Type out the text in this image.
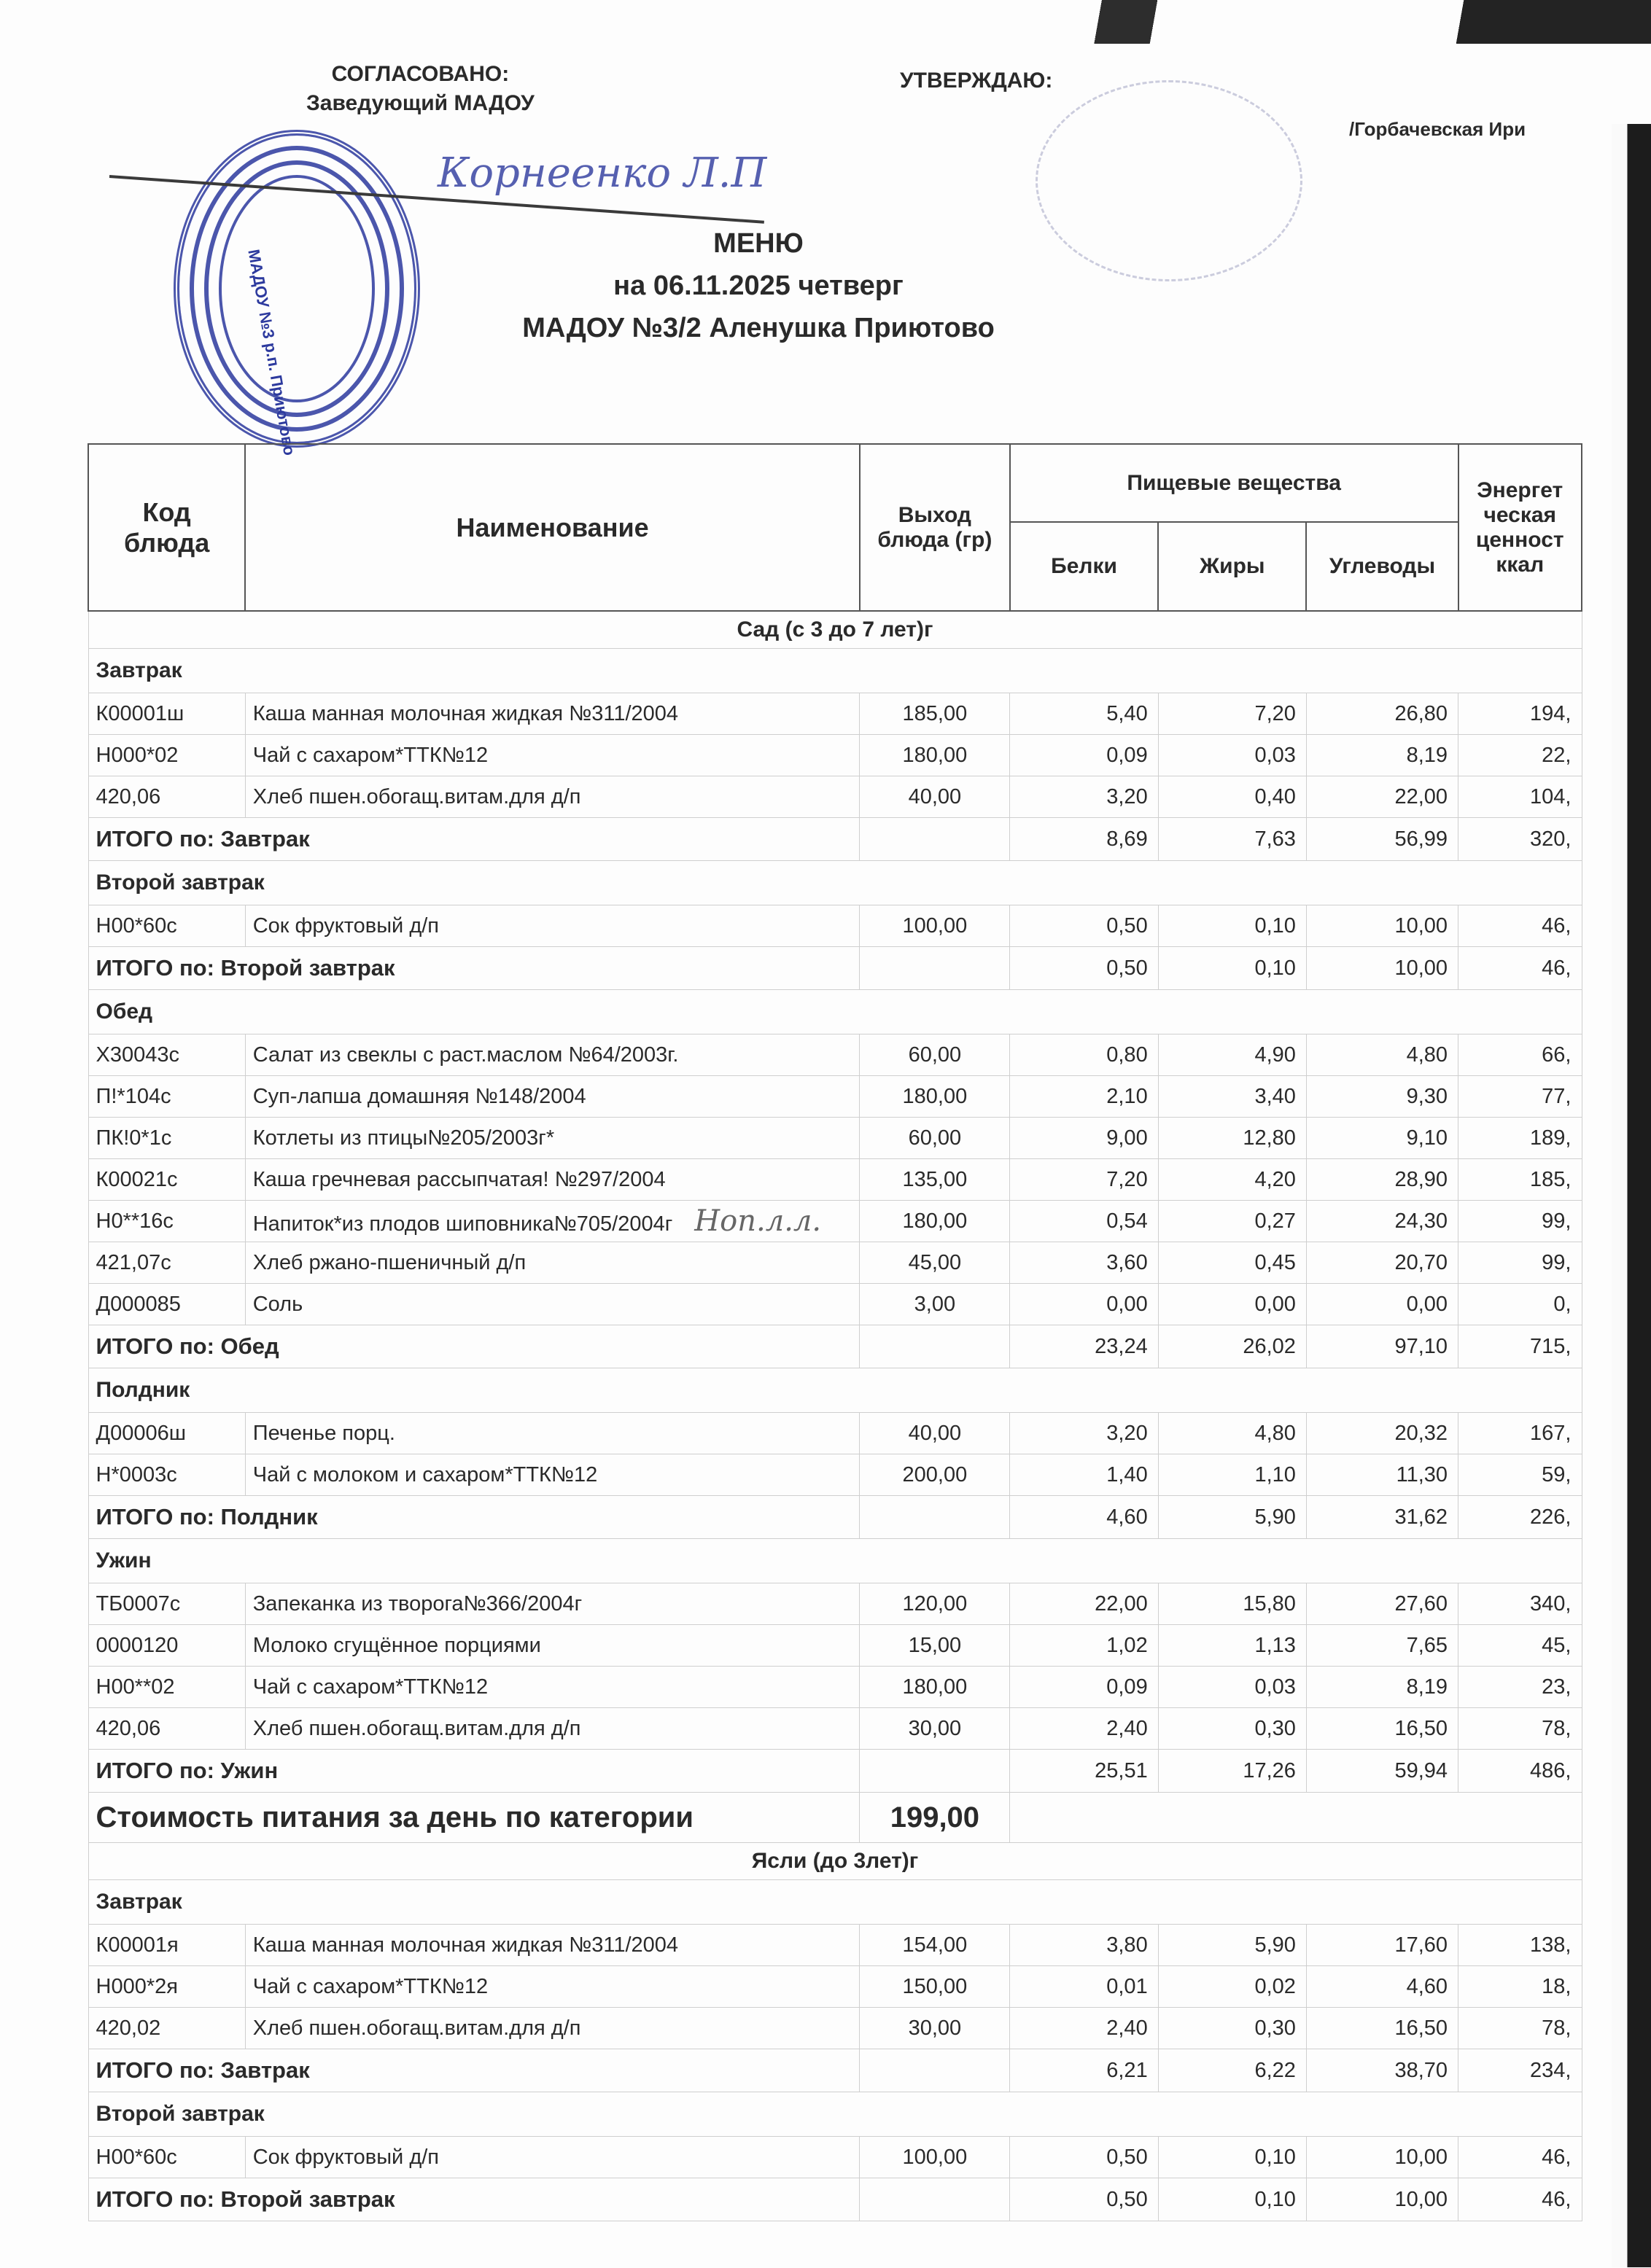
СОГЛАСОВАНО:
Заведующий МАДОУ
МАДОУ №3 р.п. Приютово
Корнеенко Л.П
УТВЕРЖДАЮ:
/Горбачевская Ири
МЕНЮ
на 06.11.2025 четверг
МАДОУ №3/2 Аленушка Приютово
Код блюда	Наименование	Выход блюда (гр)	Пищевые вещества			Энергет ческая ценност ккал
			Белки	Жиры	Углеводы	
Сад (с 3 до 7 лет)г						
Завтрак						
К00001ш	Каша манная молочная жидкая №311/2004	185,00	5,40	7,20	26,80	194,
Н000*02	Чай с сахаром*ТТК№12	180,00	0,09	0,03	8,19	22,
420,06	Хлеб пшен.обогащ.витам.для д/п	40,00	3,20	0,40	22,00	104,
ИТОГО по: Завтрак			8,69	7,63	56,99	320,
Второй завтрак						
Н00*60с	Сок фруктовый д/п	100,00	0,50	0,10	10,00	46,
ИТОГО по: Второй завтрак			0,50	0,10	10,00	46,
Обед						
Х30043с	Салат из свеклы с раст.маслом №64/2003г.	60,00	0,80	4,90	4,80	66,
П!*104с	Суп-лапша домашняя №148/2004	180,00	2,10	3,40	9,30	77,
ПК!0*1с	Котлеты из птицы№205/2003г*	60,00	9,00	12,80	9,10	189,
К00021с	Каша гречневая рассыпчатая! №297/2004	135,00	7,20	4,20	28,90	185,
Н0**16с	Напиток*из плодов шиповника№705/2004г Ноп.л.л.	180,00	0,54	0,27	24,30	99,
421,07с	Хлеб ржано-пшеничный д/п	45,00	3,60	0,45	20,70	99,
Д000085	Соль	3,00	0,00	0,00	0,00	0,
ИТОГО по: Обед			23,24	26,02	97,10	715,
Полдник						
Д00006ш	Печенье порц.	40,00	3,20	4,80	20,32	167,
Н*0003с	Чай с молоком и сахаром*ТТК№12	200,00	1,40	1,10	11,30	59,
ИТОГО по: Полдник			4,60	5,90	31,62	226,
Ужин						
ТБ0007с	Запеканка из творога№366/2004г	120,00	22,00	15,80	27,60	340,
0000120	Молоко сгущённое порциями	15,00	1,02	1,13	7,65	45,
Н00**02	Чай с сахаром*ТТК№12	180,00	0,09	0,03	8,19	23,
420,06	Хлеб пшен.обогащ.витам.для д/п	30,00	2,40	0,30	16,50	78,
ИТОГО по: Ужин			25,51	17,26	59,94	486,
Стоимость питания за день по категории		199,00				
Ясли (до 3лет)г						
Завтрак						
К00001я	Каша манная молочная жидкая №311/2004	154,00	3,80	5,90	17,60	138,
Н000*2я	Чай с сахаром*ТТК№12	150,00	0,01	0,02	4,60	18,
420,02	Хлеб пшен.обогащ.витам.для д/п	30,00	2,40	0,30	16,50	78,
ИТОГО по: Завтрак			6,21	6,22	38,70	234,
Второй завтрак						
Н00*60с	Сок фруктовый д/п	100,00	0,50	0,10	10,00	46,
ИТОГО по: Второй завтрак			0,50	0,10	10,00	46,
